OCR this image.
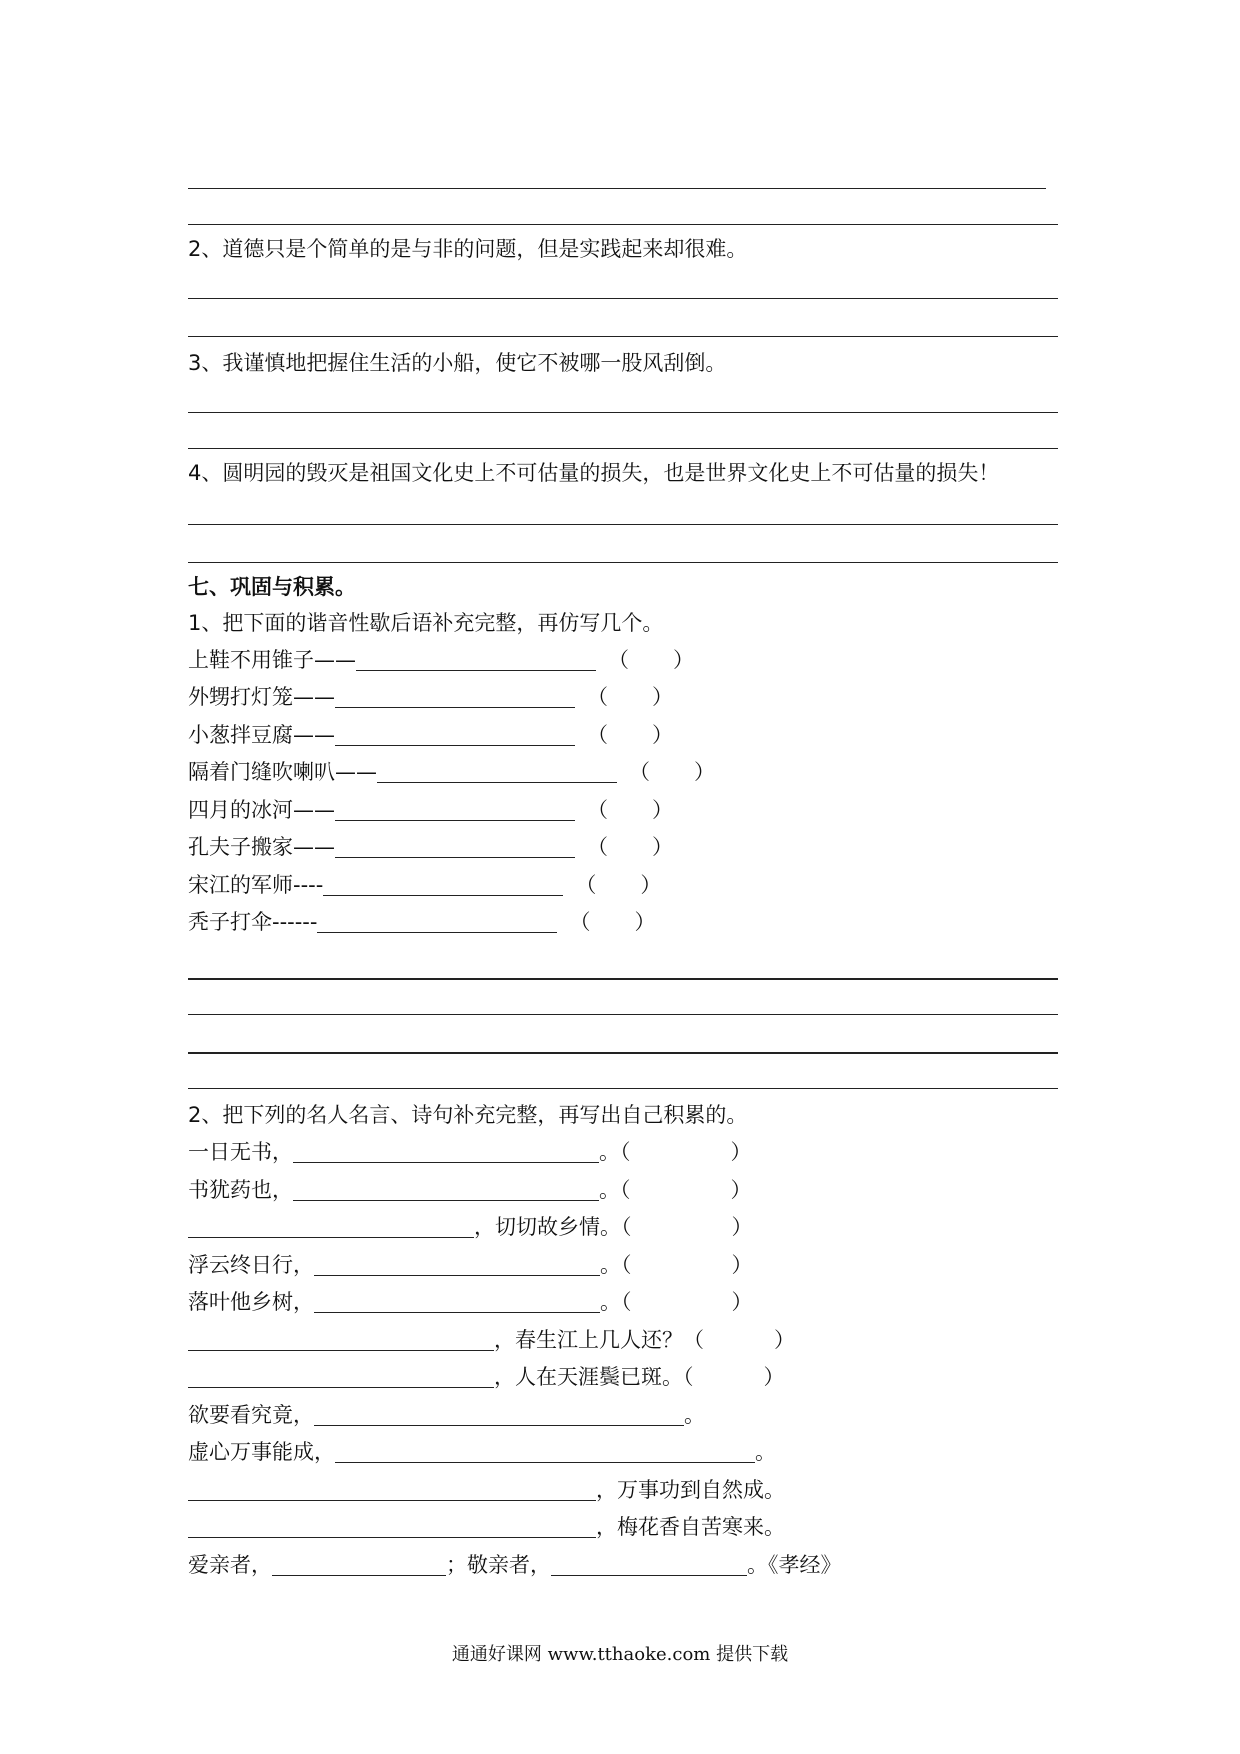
2、道德只是个简单的是与非的问题，但是实践起来却很难。
3、我谨慎地把握住生活的小船，使它不被哪一股风刮倒。
4、圆明园的毁灭是祖国文化史上不可估量的损失，也是世界文化史上不可估量的损失！
七、巩固与积累。
1、把下面的谐音性歇后语补充完整，再仿写几个。
上鞋不用锥子——	（ ）
外甥打灯笼——	（ ）
小葱拌豆腐——	（ ）
隔着门缝吹喇叭——	（ ）
四月的冰河——	（ ）
孔夫子搬家——	（ ）
宋江的军师----	（ ）
秃子打伞------	（ ）
2、把下列的名人名言、诗句补充完整，再写出自己积累的。
一日无书，	。（	）
书犹药也，	。（	）
，切切故乡情。（	）
浮云终日行，	。（	）
落叶他乡树，	。（	）
，春生江上几人还？（	）
，人在天涯鬓已斑。（	）
欲要看究竟，	。
虚心万事能成，	。
，万事功到自然成。
，梅花香自苦寒来。
爱亲者，	；敬亲者，	。《孝经》
通通好课网 www.tthaoke.com 提供下载
